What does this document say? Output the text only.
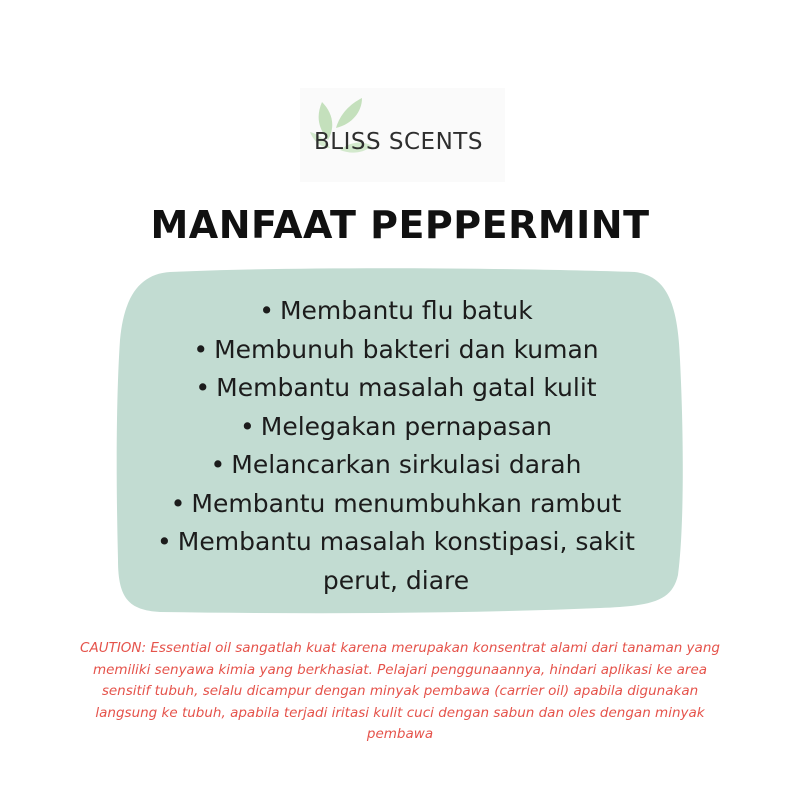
BLISS SCENTS
MANFAAT PEPPERMINT
• Membantu flu batuk
• Membunuh bakteri dan kuman
• Membantu masalah gatal kulit
• Melegakan pernapasan
• Melancarkan sirkulasi darah
• Membantu menumbuhkan rambut
• Membantu masalah konstipasi, sakit perut, diare

CAUTION: Essential oil sangatlah kuat karena merupakan konsentrat alami dari tanaman yang memiliki senyawa kimia yang berkhasiat. Pelajari penggunaannya, hindari aplikasi ke area sensitif tubuh, selalu dicampur dengan minyak pembawa (carrier oil) apabila digunakan langsung ke tubuh, apabila terjadi iritasi kulit cuci dengan sabun dan oles dengan minyak pembawa
